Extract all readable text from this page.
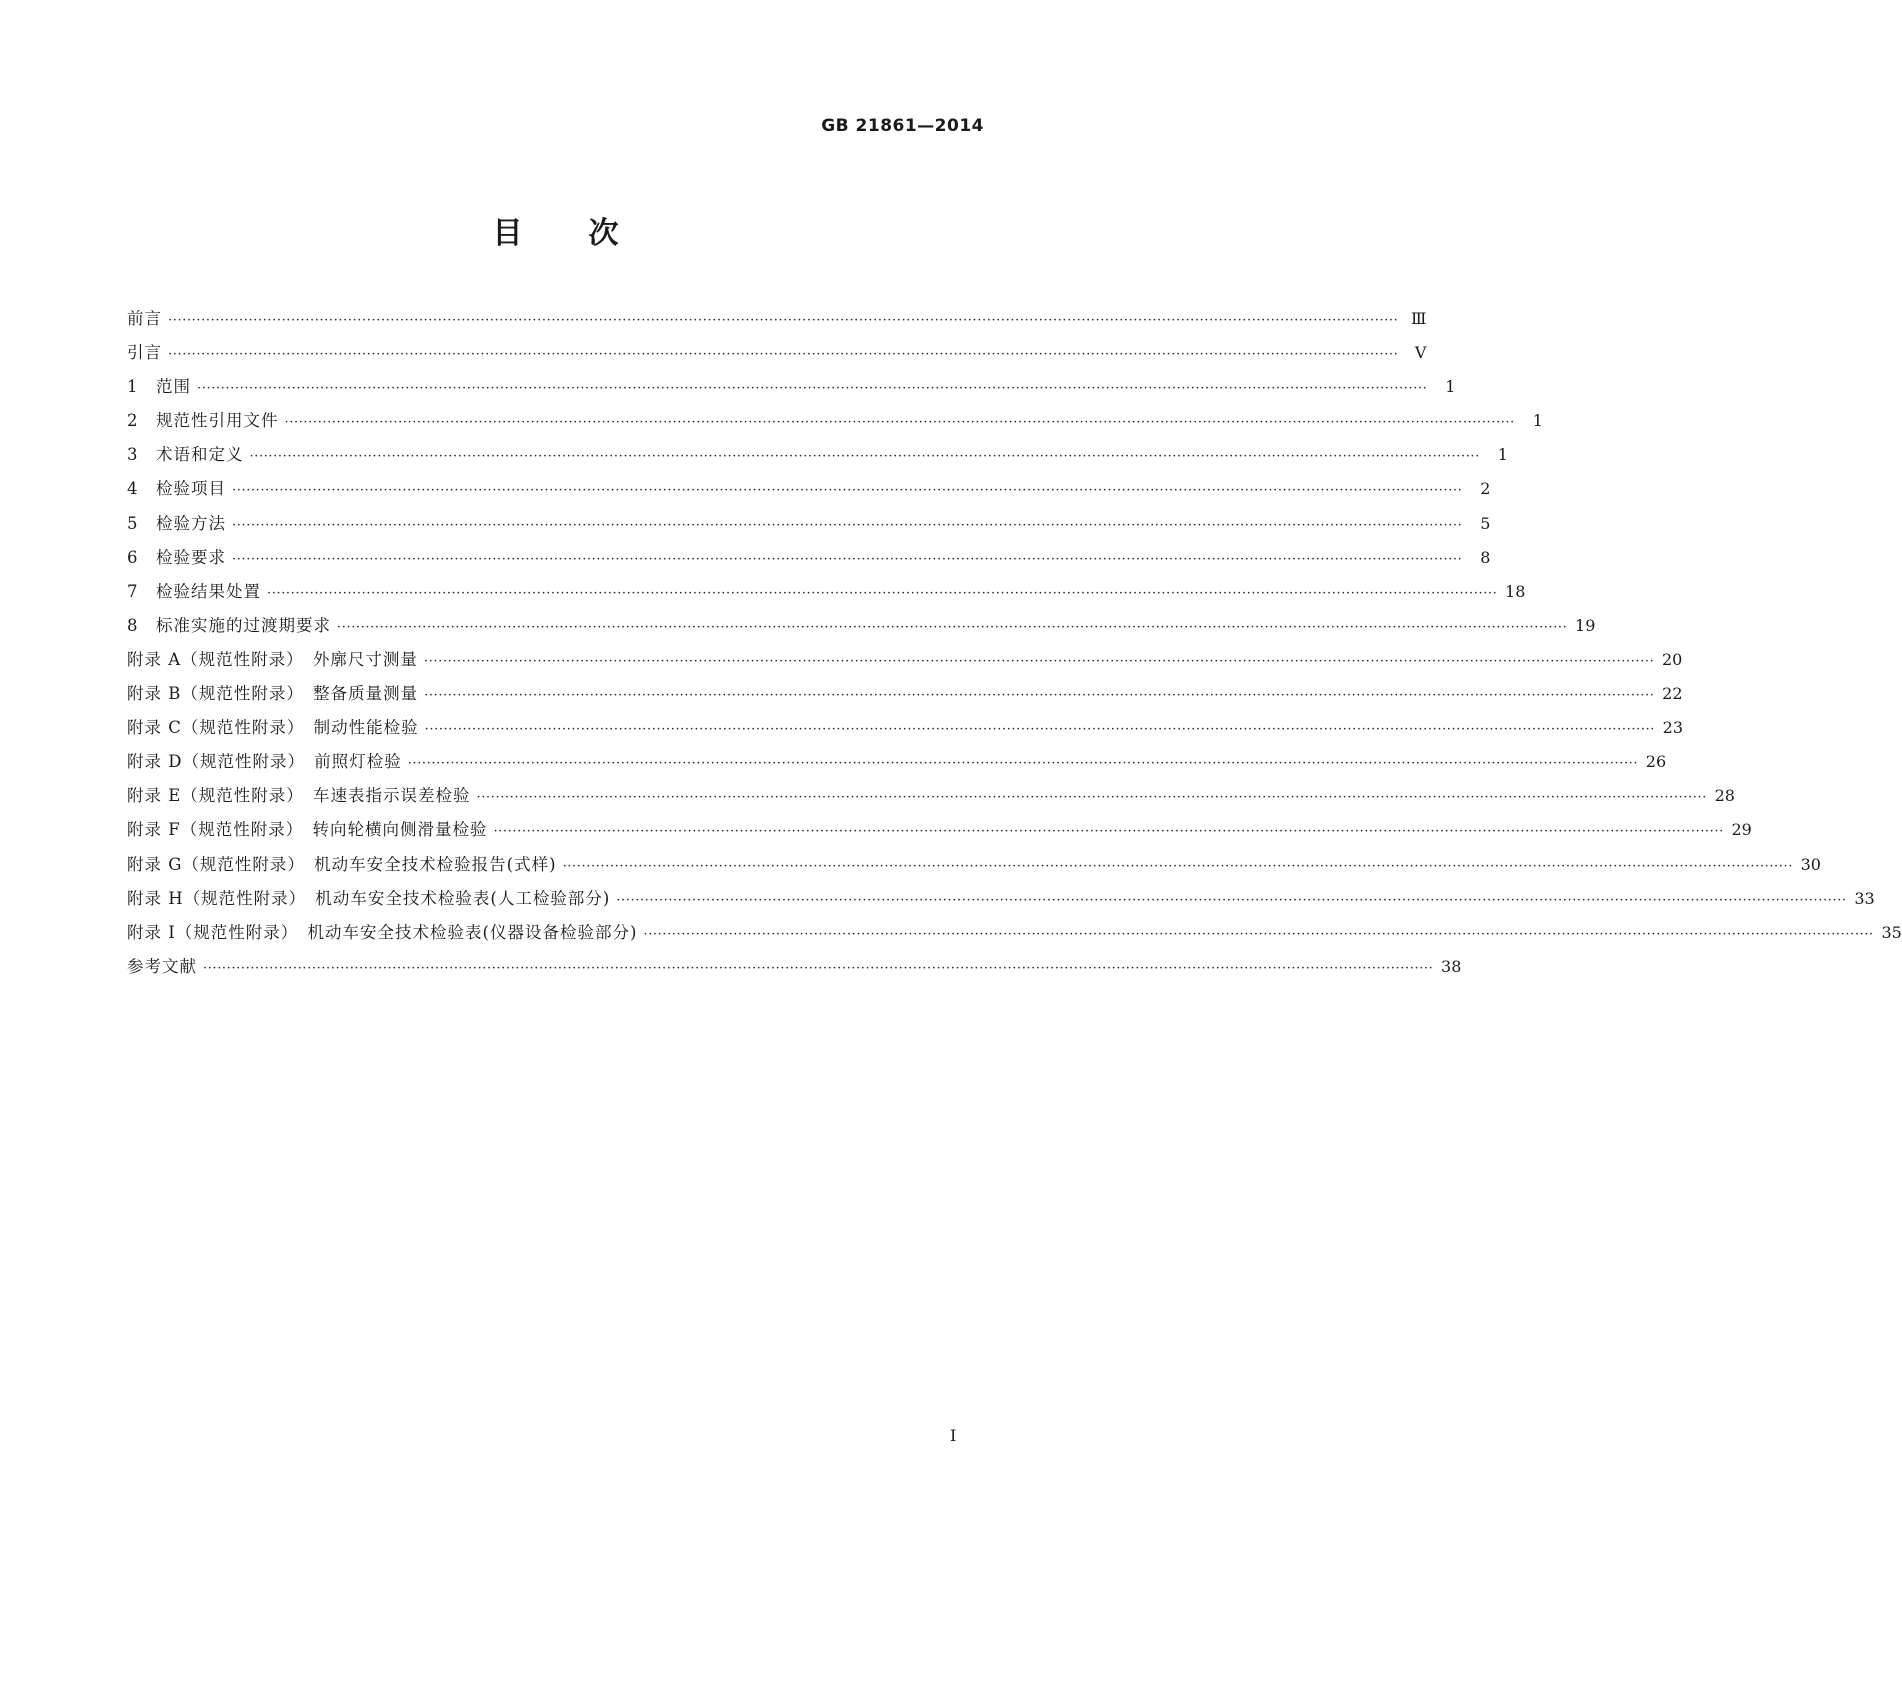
GB 21861—2014
目 次
前言 ···································································································································································································································································· Ⅲ
引言 ····································································································································································································································································	Ⅴ
1　范围 ····································································································································································································································································	1
2　规范性引用文件 ····································································································································································································································································	1
3　术语和定义 ····································································································································································································································································	1
4　检验项目 ····································································································································································································································································	2
5　检验方法 ····································································································································································································································································	5
6　检验要求 ····································································································································································································································································	8
7　检验结果处置 ···································································································································································································································································· 18
8　标准实施的过渡期要求 ···································································································································································································································································· 19
附录 A（规范性附录）　外廓尺寸测量 ···································································································································································································································································· 20
附录 B（规范性附录）　整备质量测量 ···································································································································································································································································· 22
附录 C（规范性附录）　制动性能检验 ···································································································································································································································································· 23
附录 D（规范性附录）　前照灯检验 ···································································································································································································································································· 26
附录 E（规范性附录）　车速表指示误差检验 ···································································································································································································································································· 28
附录 F（规范性附录）　转向轮横向侧滑量检验 ···································································································································································································································································· 29
附录 G（规范性附录）　机动车安全技术检验报告(式样) ···································································································································································································································································· 30
附录 H（规范性附录）　机动车安全技术检验表(人工检验部分) ···································································································································································································································································· 33
附录 I（规范性附录）　机动车安全技术检验表(仪器设备检验部分) ···································································································································································································································································· 35
参考文献 ···································································································································································································································································· 38
I
